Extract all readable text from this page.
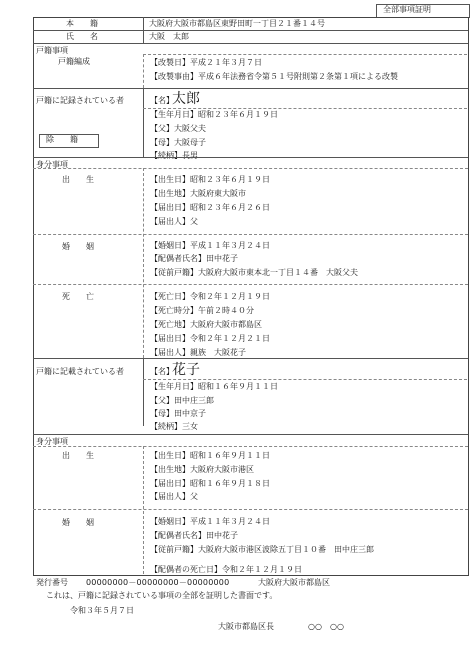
全部事項証明
本　　籍	大阪府大阪市都島区東野田町一丁目２１番１４号
氏　　名	大阪　太郎
戸籍事項
戸籍編成	【改製日】平成２１年３月７日
【改製事由】平成６年法務省令第５１号附則第２条第１項による改製
戸籍に記録されている者	【名】
太郎
除　　籍
【生年月日】昭和２３年６月１９日
【父】大阪父夫
【母】大阪母子
【続柄】長男
身分事項
出　　生	【出生日】昭和２３年６月１９日
【出生地】大阪府東大阪市
【届出日】昭和２３年６月２６日
【届出人】父
婚　　姻	【婚姻日】平成１１年３月２４日
【配偶者氏名】田中花子
【従前戸籍】大阪府大阪市東本北一丁目１４番　大阪父夫
死　　亡	【死亡日】令和２年１２月１９日
【死亡時分】午前２時４０分
【死亡地】大阪府大阪市都島区
【届出日】令和２年１２月２１日
【届出人】親族　大阪花子
戸籍に記載されている者	【名】
花子
【生年月日】昭和１６年９月１１日
【父】田中庄三郎
【母】田中京子
【続柄】三女
身分事項
出　　生	【出生日】昭和１６年９月１１日
【出生地】大阪府大阪市港区
【届出日】昭和１６年９月１８日
【届出人】父
婚　　姻	【婚姻日】平成１１年３月２４日
【配偶者氏名】田中花子
【従前戸籍】大阪府大阪市港区波除五丁目１０番　田中庄三郎
【配偶者の死亡日】令和２年１２月１９日
発行番号 00000000－00000000－00000000	大阪府大阪市都島区
これは、戸籍に記録されている事項の全部を証明した書面です。
令和３年５月７日
大阪市都島区長	○○　○○
